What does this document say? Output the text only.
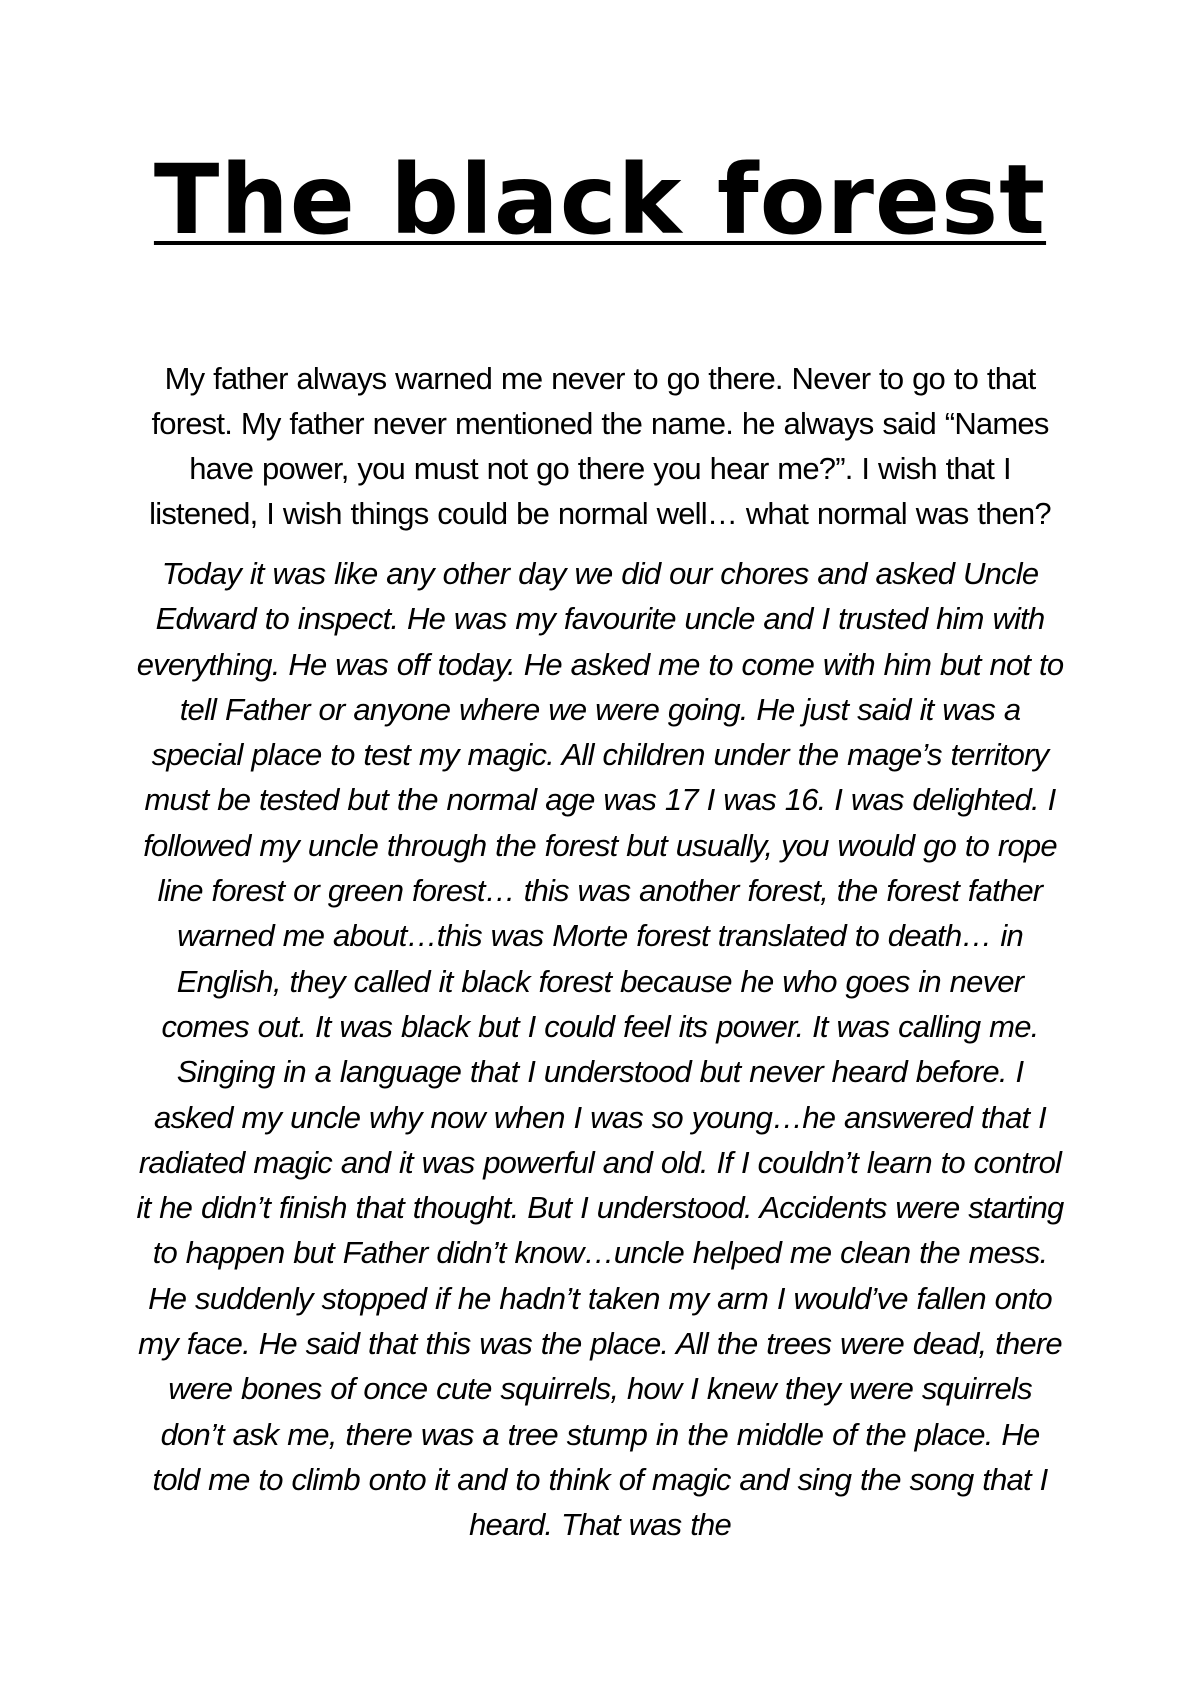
The black forest

My father always warned me never to go there. Never to go to that forest. My father never mentioned the name. he always said “Names have power, you must not go there you hear me?”. I wish that I listened, I wish things could be normal well… what normal was then?

Today it was like any other day we did our chores and asked Uncle Edward to inspect. He was my favourite uncle and I trusted him with everything. He was off today. He asked me to come with him but not to tell Father or anyone where we were going. He just said it was a special place to test my magic. All children under the mage’s territory must be tested but the normal age was 17 I was 16. I was delighted. I followed my uncle through the forest but usually, you would go to rope line forest or green forest… this was another forest, the forest father warned me about…this was Morte forest translated to death… in English, they called it black forest because he who goes in never comes out. It was black but I could feel its power. It was calling me. Singing in a language that I understood but never heard before. I asked my uncle why now when I was so young…he answered that I radiated magic and it was powerful and old. If I couldn’t learn to control it he didn’t finish that thought. But I understood. Accidents were starting to happen but Father didn’t know…uncle helped me clean the mess. He suddenly stopped if he hadn’t taken my arm I would’ve fallen onto my face. He said that this was the place. All the trees were dead, there were bones of once cute squirrels, how I knew they were squirrels don’t ask me, there was a tree stump in the middle of the place. He told me to climb onto it and to think of magic and sing the song that I heard. That was the
